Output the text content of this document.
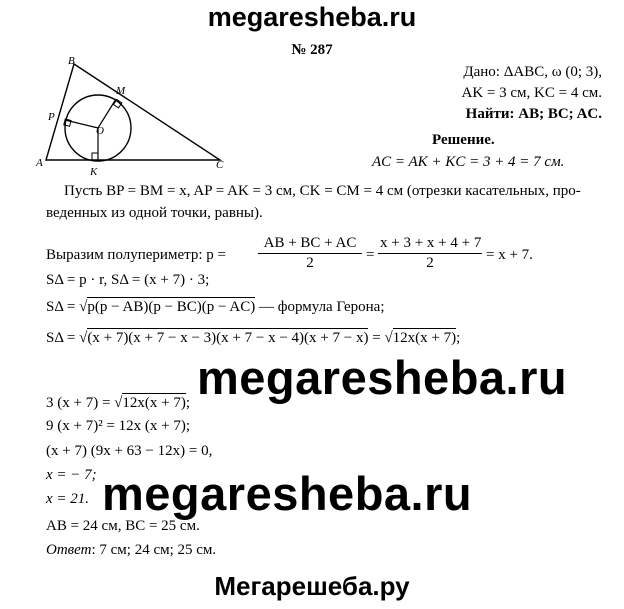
megaresheba.ru
№ 287
B
M
P
O
A
K
C
Дано: ΔABC, ω (0; 3),
AK = 3 см, KC = 4 см.
Найти: AB; BC; AC.
Решение.
AC = AK + KC = 3 + 4 = 7 см.
Пусть BP = BM = x, AP = AK = 3 см, CK = CM = 4 см (отрезки касательных, про-
веденных из одной точки, равны).
Выразим полупериметр: $p = \frac{AB + BC + AC}{2} = \frac{x + 3 + x + 4 + 7}{2} = x + 7$.
SΔ = p · r, SΔ = (x + 7) · 3;
SΔ = √p(p − AB)(p − BC)(p − AC) — формула Герона;
SΔ = √(x + 7)(x + 7 − x − 3)(x + 7 − x − 4)(x + 7 − x) = √12x(x + 7);
megaresheba.ru
3 (x + 7) = √12x(x + 7);
9 (x + 7)² = 12x (x + 7);
(x + 7) (9x + 63 − 12x) = 0,
x = − 7; megaresheba.ru
x = 21.
AB = 24 см, BC = 25 см.
Ответ: 7 см; 24 см; 25 см.
Мегарешеба.ру
